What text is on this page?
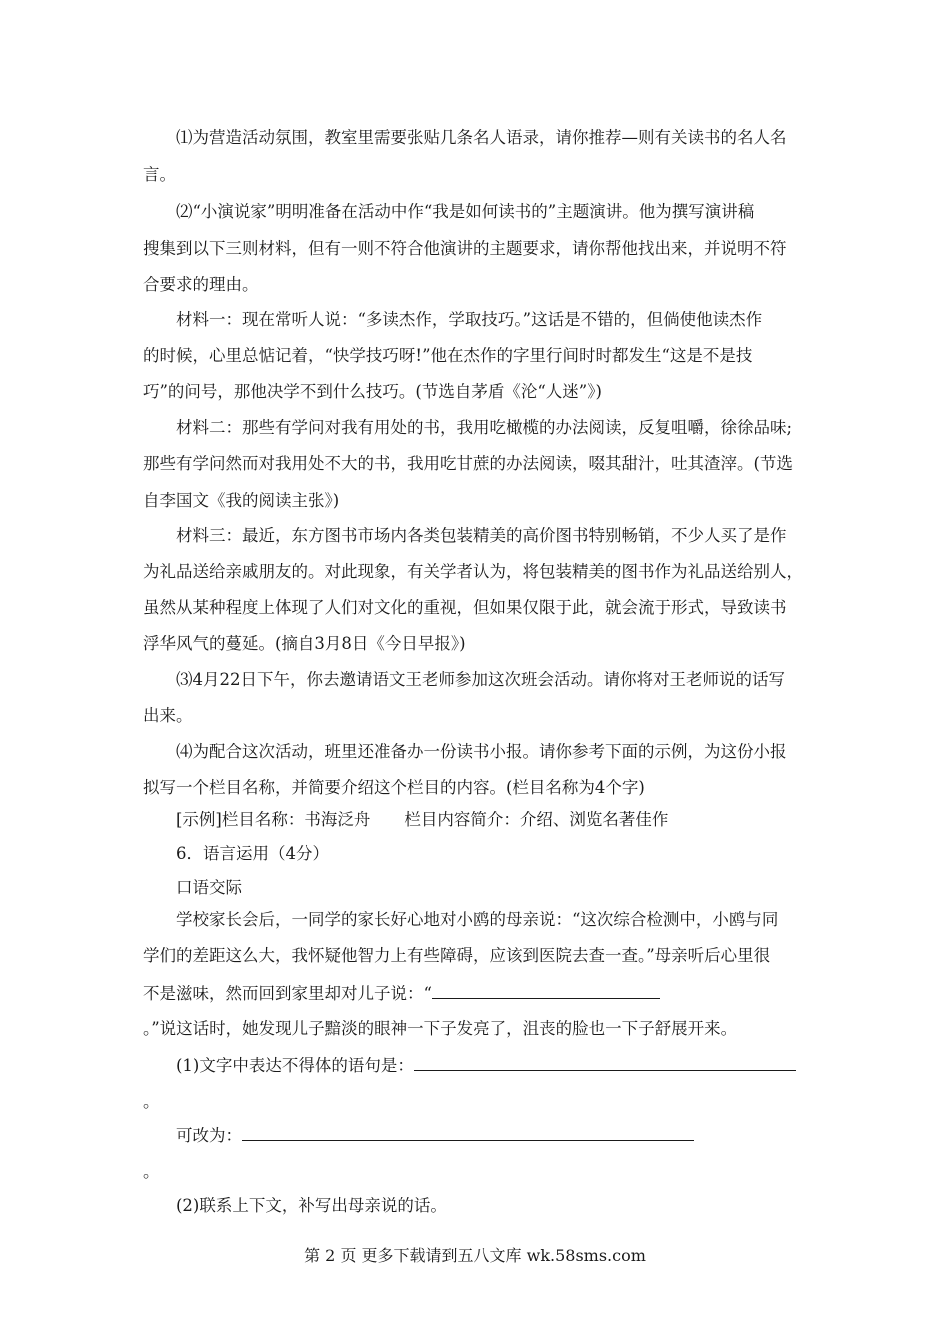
⑴为营造活动氛围，教室里需要张贴几条名人语录，请你推荐—则有关读书的名人名
言。
⑵“小演说家”明明准备在活动中作“我是如何读书的”主题演讲。他为撰写演讲稿
搜集到以下三则材料，但有一则不符合他演讲的主题要求，请你帮他找出来，并说明不符
合要求的理由。
材料一：现在常听人说：“多读杰作，学取技巧。”这话是不错的，但倘使他读杰作
的时候，心里总惦记着，“快学技巧呀!”他在杰作的字里行间时时都发生“这是不是技
巧”的问号，那他决学不到什么技巧。(节选自茅盾《沦“人迷”》)
材料二：那些有学问对我有用处的书，我用吃橄榄的办法阅读，反复咀嚼，徐徐品味;
那些有学问然而对我用处不大的书，我用吃甘蔗的办法阅读，啜其甜汁，吐其渣滓。(节选
自李国文《我的阅读主张》)
材料三：最近，东方图书市场内各类包装精美的高价图书特别畅销，不少人买了是作
为礼品送给亲戚朋友的。对此现象，有关学者认为，将包装精美的图书作为礼品送给别人，
虽然从某种程度上体现了人们对文化的重视，但如果仅限于此，就会流于形式，导致读书
浮华风气的蔓延。(摘自3月8日《今日早报》)
⑶4月22日下午，你去邀请语文王老师参加这次班会活动。请你将对王老师说的话写
出来。
⑷为配合这次活动，班里还准备办一份读书小报。请你参考下面的示例，为这份小报
拟写一个栏目名称，并简要介绍这个栏目的内容。(栏目名称为4个字)
[示例]栏目名称：书海泛舟 栏目内容简介：介绍、浏览名著佳作
6．语言运用（4分）
口语交际
学校家长会后，一同学的家长好心地对小鸥的母亲说：“这次综合检测中，小鸥与同
学们的差距这么大，我怀疑他智力上有些障碍，应该到医院去查一查。”母亲听后心里很
不是滋味，然而回到家里却对儿子说：“
。”说这话时，她发现儿子黯淡的眼神一下子发亮了，沮丧的脸也一下子舒展开来。
(1)文字中表达不得体的语句是：
。
可改为：
。
(2)联系上下文，补写出母亲说的话。
第 2 页 更多下载请到五八文库 wk.58sms.com
